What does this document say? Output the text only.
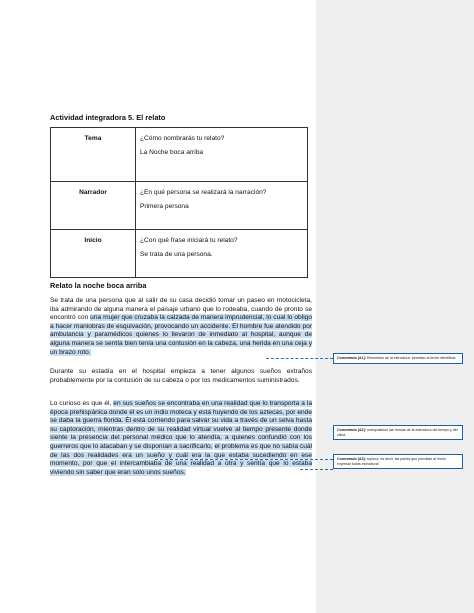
Actividad integradora 5. El relato
Tema	¿Cómo nombrarás tu relato?
La Noche boca arriba

Narrador	¿En qué persona se realizará la narración?
Primera persona

Inicio	¿Con qué frase iniciará tu relato?
Se trata de una persona.
Relato la noche boca arriba
Se trata de una persona que al salir de su casa decidió tomar un paseo en motocicleta, iba admirando de alguna manera el paisaje urbano que lo rodeaba, cuando de pronto se encontró con una mujer que cruzaba la calzada de manera imprudencial, lo cual lo obligo a hacer maniobras de esquivación, provocando un accidente. El hombre fue atendido por ambulancia y paramédicos quienes lo llevaron de inmediato al hospital, aunque de alguna manera se sentía bien tenía una contusión en la cabeza, una herida en una ceja y un brazo roto.
Durante su estadía en el hospital empieza a tener algunos sueños extraños probablemente por la contusión de su cabeza o por los medicamentos suministrados.
Lo curioso es que él, en sus sueños se encontraba en una realidad que lo transporta a la época prehispánica donde él es un indio moteca y está huyendo de los aztecas, por ende se daba la guerra florida. Él está corriendo para salvar su vida a través de un selva hasta su captoración, mientras dentro de su realidad virtual vuelve al tiempo presente donde siente la presencia del personal médico que lo atendía, a quienes confundió con los guerreros que lo atacaban y se disponían a sacrificarlo, el problema es que no sabía cuál de las dos realidades era un sueño y cuál era la que estaba sucediendo en ese momento, por que el intercambiaba de una realidad a otra y sentía que lo estaba viviendo sin saber que eran solo unos sueños.
Comentado [A1]: Elementos de la estructura: permitan al lector identificar
Comentado [A2]: manipulacion las formas de la estructura del tiempo y del clima
Comentado [A3]: ruptura: es decir, las partes que permitan al lector expresar todas estructural
